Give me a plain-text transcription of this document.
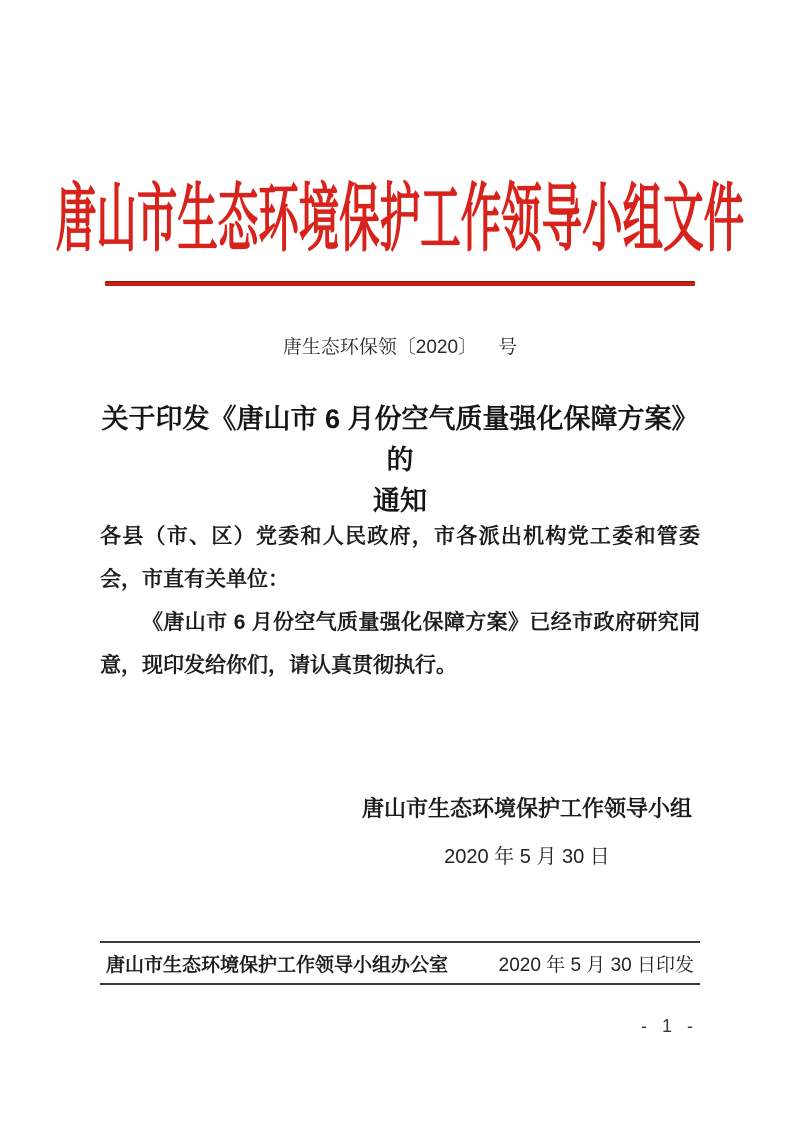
唐山市生态环境保护工作领导小组文件
唐生态环保领〔2020〕    号
关于印发《唐山市 6 月份空气质量强化保障方案》的
通知

各县（市、区）党委和人民政府，市各派出机构党工委和管委会，市直有关单位：

《唐山市 6 月份空气质量强化保障方案》已经市政府研究同意，现印发给你们，请认真贯彻执行。

唐山市生态环境保护工作领导小组
2020 年 5 月 30 日
唐山市生态环境保护工作领导小组办公室	2020 年 5 月 30 日印发
- 1 -
